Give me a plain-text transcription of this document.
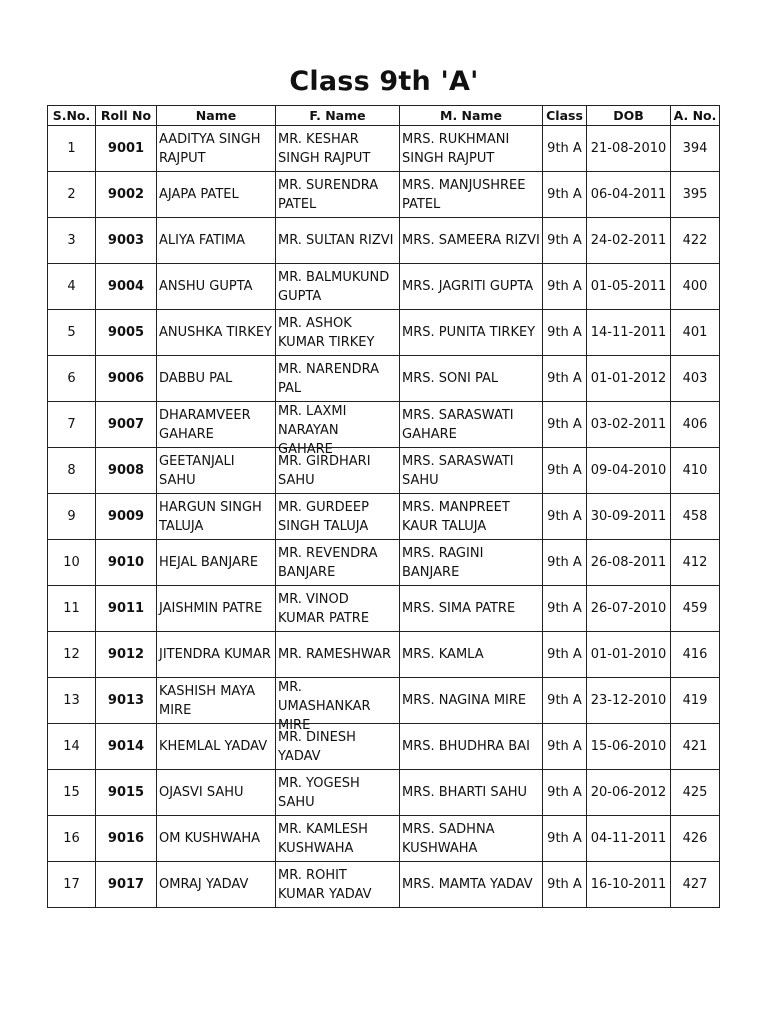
Class 9th 'A'
S.No.	Roll No	Name	F. Name	M. Name	Class	DOB	A. No.

1	9001	AADITYA SINGH RAJPUT	MR. KESHAR SINGH RAJPUT	MRS. RUKHMANI SINGH RAJPUT	9th A	21-08-2010	394

2	9002	AJAPA PATEL	MR. SURENDRA PATEL	MRS. MANJUSHREE PATEL	9th A	06-04-2011	395

3	9003	ALIYA FATIMA	MR. SULTAN RIZVI	MRS. SAMEERA RIZVI	9th A	24-02-2011	422

4	9004	ANSHU GUPTA	MR. BALMUKUND GUPTA	MRS. JAGRITI GUPTA	9th A	01-05-2011	400

5	9005	ANUSHKA TIRKEY	MR. ASHOK KUMAR TIRKEY	MRS. PUNITA TIRKEY	9th A	14-11-2011	401

6	9006	DABBU PAL	MR. NARENDRA PAL	MRS. SONI PAL	9th A	01-01-2012	403

7	9007	DHARAMVEER GAHARE	MR. LAXMI NARAYAN GAHARE	MRS. SARASWATI GAHARE	9th A	03-02-2011	406

8	9008	GEETANJALI SAHU	MR. GIRDHARI SAHU	MRS. SARASWATI SAHU	9th A	09-04-2010	410

9	9009	HARGUN SINGH TALUJA	MR. GURDEEP SINGH TALUJA	MRS. MANPREET KAUR TALUJA	9th A	30-09-2011	458

10	9010	HEJAL BANJARE	MR. REVENDRA BANJARE	MRS. RAGINI BANJARE	9th A	26-08-2011	412

11	9011	JAISHMIN PATRE	MR. VINOD KUMAR PATRE	MRS. SIMA PATRE	9th A	26-07-2010	459

12	9012	JITENDRA KUMAR	MR. RAMESHWAR	MRS. KAMLA	9th A	01-01-2010	416

13	9013	KASHISH MAYA MIRE	MR. UMASHANKAR MIRE	MRS. NAGINA MIRE	9th A	23-12-2010	419

14	9014	KHEMLAL YADAV	MR. DINESH YADAV	MRS. BHUDHRA BAI	9th A	15-06-2010	421

15	9015	OJASVI SAHU	MR. YOGESH SAHU	MRS. BHARTI SAHU	9th A	20-06-2012	425

16	9016	OM KUSHWAHA	MR. KAMLESH KUSHWAHA	MRS. SADHNA KUSHWAHA	9th A	04-11-2011	426

17	9017	OMRAJ YADAV	MR. ROHIT KUMAR YADAV	MRS. MAMTA YADAV	9th A	16-10-2011	427
